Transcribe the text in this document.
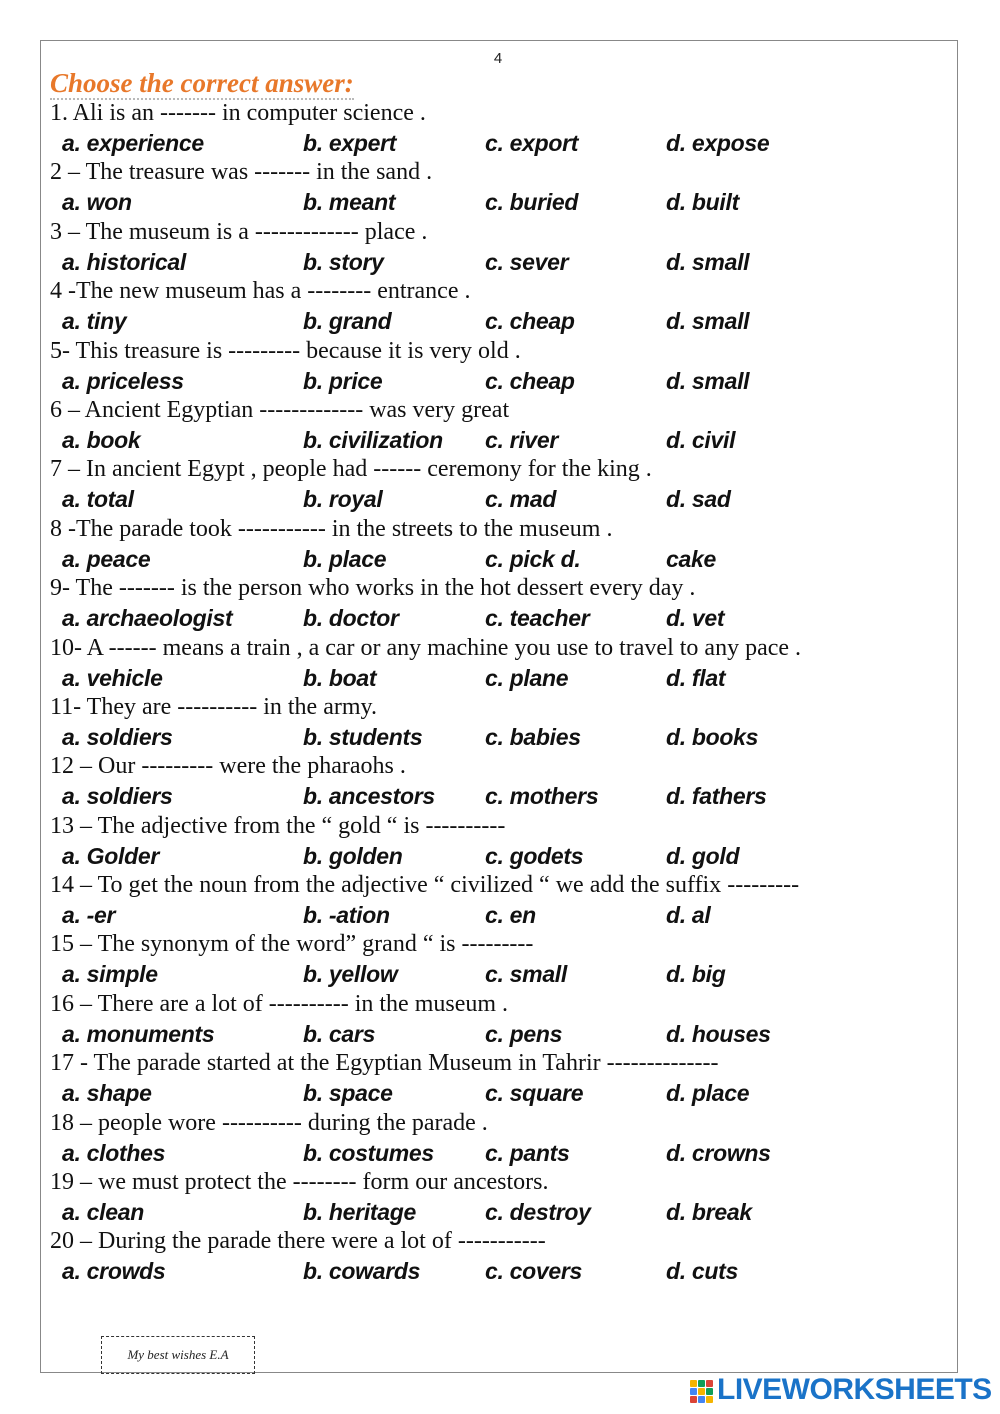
4
Choose the correct answer:
1. Ali is an ------- in computer science .
a. experience	b. expert	c. export	d. expose
2 – The treasure was ------- in the sand .
a. won	b. meant	c. buried	d. built
3 – The museum is a ------------- place .
a. historical	b. story	c. sever	d. small
4 -The new museum has a -------- entrance .
a. tiny	b. grand	c. cheap	d. small
5- This treasure is --------- because it is very old .
a. priceless	b. price	c. cheap	d. small
6 – Ancient Egyptian ------------- was very great
a. book	b. civilization c. river	d. civil
7 – In ancient Egypt , people had ------ ceremony for the king .
a. total	b. royal	c. mad	d. sad
8 -The parade took ----------- in the streets to the museum .
a. peace	b. place	c. pick d.	cake
9- The ------- is the person who works in the hot dessert every day .
a. archaeologist	b. doctor	c. teacher	d. vet
10- A ------ means a train , a car or any machine you use to travel to any pace .
a. vehicle	b. boat	c. plane	d. flat
11- They are ---------- in the army.
a. soldiers	b. students	c. babies	d. books
12 – Our --------- were the pharaohs .
a. soldiers	b. ancestors c. mothers	d. fathers
13 – The adjective from the “ gold “ is ----------
a. Golder	b. golden	c. godets	d. gold
14 – To get the noun from the adjective “ civilized “ we add the suffix ---------
a. -er	b. -ation	c. en	d. al
15 – The synonym of the word” grand “ is ---------
a. simple	b. yellow	c. small	d. big
16 – There are a lot of ---------- in the museum .
a. monuments	b. cars	c. pens	d. houses
17 - The parade started at the Egyptian Museum in Tahrir --------------
a. shape	b. space	c. square	d. place
18 – people wore ---------- during the parade .
a. clothes	b. costumes c. pants	d. crowns
19 – we must protect the -------- form our ancestors.
a. clean	b. heritage	c. destroy	d. break
20 – During the parade there were a lot of -----------
a. crowds	b. cowards	c. covers	d. cuts
My best wishes E.A
LIVEWORKSHEETS
